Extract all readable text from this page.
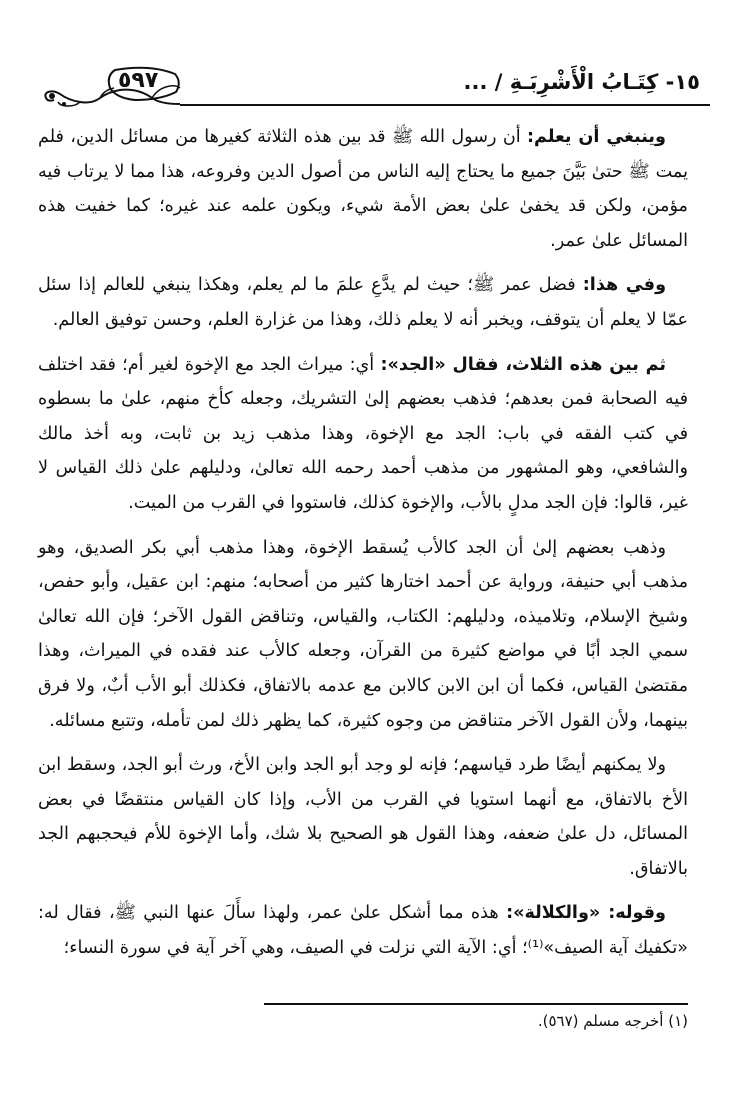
٥٩٧	١٥- كِتَـابُ الْأَشْرِبَـةِ / ...

وينبغي أن يعلم: أن رسول الله ﷺ قد بين هذه الثلاثة كغيرها من مسائل الدين، فلم يمت ﷺ حتىٰ بَيَّنَ جميع ما يحتاج إليه الناس من أصول الدين وفروعه، هذا مما لا يرتاب فيه مؤمن، ولكن قد يخفىٰ علىٰ بعض الأمة شيء، ويكون علمه عند غيره؛ كما خفيت هذه المسائل علىٰ عمر.

وفي هذا: فضل عمر ﷺ؛ حيث لم يدَّعِ علمَ ما لم يعلم، وهكذا ينبغي للعالم إذا سئل عمّا لا يعلم أن يتوقف، ويخبر أنه لا يعلم ذلك، وهذا من غزارة العلم، وحسن توفيق العالم.

ثم بين هذه الثلاث، فقال «الجد»: أي: ميراث الجد مع الإخوة لغير أم؛ فقد اختلف فيه الصحابة فمن بعدهم؛ فذهب بعضهم إلىٰ التشريك، وجعله كأخ منهم، علىٰ ما بسطوه في كتب الفقه في باب: الجد مع الإخوة، وهذا مذهب زيد بن ثابت، وبه أخذ مالك والشافعي، وهو المشهور من مذهب أحمد رحمه الله تعالىٰ، ودليلهم علىٰ ذلك القياس لا غير، قالوا: فإن الجد مدلٍ بالأب، والإخوة كذلك، فاستووا في القرب من الميت.

وذهب بعضهم إلىٰ أن الجد كالأب يُسقط الإخوة، وهذا مذهب أبي بكر الصديق، وهو مذهب أبي حنيفة، ورواية عن أحمد اختارها كثير من أصحابه؛ منهم: ابن عقيل، وأبو حفص، وشيخ الإسلام، وتلاميذه، ودليلهم: الكتاب، والقياس، وتناقض القول الآخر؛ فإن الله تعالىٰ سمي الجد أبًا في مواضع كثيرة من القرآن، وجعله كالأب عند فقده في الميراث، وهذا مقتضىٰ القياس، فكما أن ابن الابن كالابن مع عدمه بالاتفاق، فكذلك أبو الأب أبٌ، ولا فرق بينهما، ولأن القول الآخر متناقض من وجوه كثيرة، كما يظهر ذلك لمن تأمله، وتتبع مسائله.

ولا يمكنهم أيضًا طرد قياسهم؛ فإنه لو وجد أبو الجد وابن الأخ، ورث أبو الجد، وسقط ابن الأخ بالاتفاق، مع أنهما استويا في القرب من الأب، وإذا كان القياس منتقضًا في بعض المسائل، دل علىٰ ضعفه، وهذا القول هو الصحيح بلا شك، وأما الإخوة للأم فيحجبهم الجد بالاتفاق.

وقوله: «والكلالة»: هذه مما أشكل علىٰ عمر، ولهذا سأَلَ عنها النبي ﷺ، فقال له: «تكفيك آية الصيف»⁽¹⁾؛ أي: الآية التي نزلت في الصيف، وهي آخر آية في سورة النساء؛

(١) أخرجه مسلم (٥٦٧).
